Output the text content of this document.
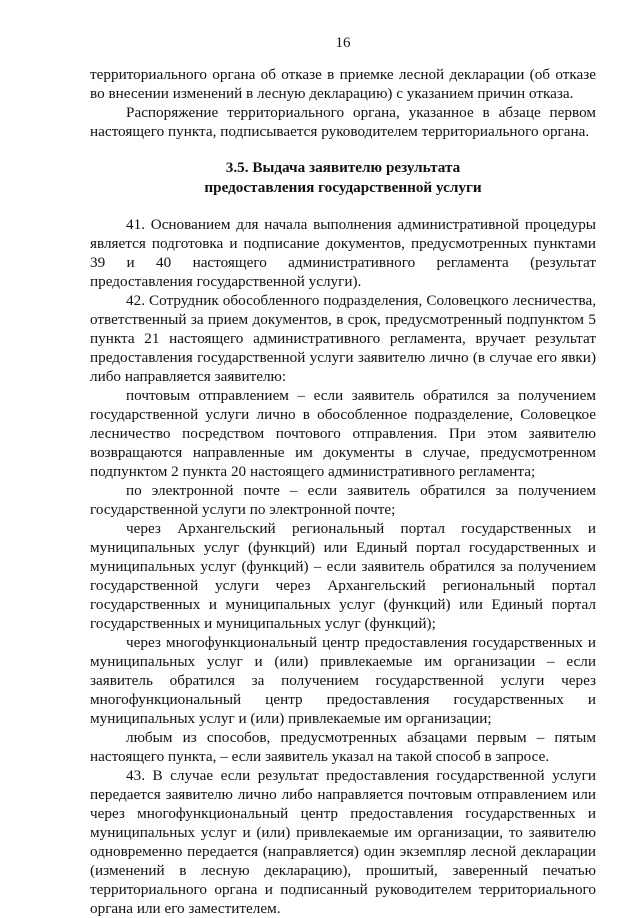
16

территориального органа об отказе в приемке лесной декларации (об отказе во внесении изменений в лесную декларацию) с указанием причин отказа.

Распоряжение территориального органа, указанное в абзаце первом настоящего пункта, подписывается руководителем территориального органа.

3.5. Выдача заявителю результата
предоставления государственной услуги

41. Основанием для начала выполнения административной процедуры является подготовка и подписание документов, предусмотренных пунктами 39 и 40 настоящего административного регламента (результат предоставления государственной услуги).

42. Сотрудник обособленного подразделения, Соловецкого лесничества, ответственный за прием документов, в срок, предусмотренный подпунктом 5 пункта 21 настоящего административного регламента, вручает результат предоставления государственной услуги заявителю лично (в случае его явки) либо направляется заявителю:

почтовым отправлением – если заявитель обратился за получением государственной услуги лично в обособленное подразделение, Соловецкое лесничество посредством почтового отправления. При этом заявителю возвращаются направленные им документы в случае, предусмотренном подпунктом 2 пункта 20 настоящего административного регламента;

по электронной почте – если заявитель обратился за получением государственной услуги по электронной почте;

через Архангельский региональный портал государственных и муниципальных услуг (функций) или Единый портал государственных и муниципальных услуг (функций) – если заявитель обратился за получением государственной услуги через Архангельский региональный портал государственных и муниципальных услуг (функций) или Единый портал государственных и муниципальных услуг (функций);

через многофункциональный центр предоставления государственных и муниципальных услуг и (или) привлекаемые им организации – если заявитель обратился за получением государственной услуги через многофункциональный центр предоставления государственных и муниципальных услуг и (или) привлекаемые им организации;

любым из способов, предусмотренных абзацами первым – пятым настоящего пункта, – если заявитель указал на такой способ в запросе.

43. В случае если результат предоставления государственной услуги передается заявителю лично либо направляется почтовым отправлением или через многофункциональный центр предоставления государственных и муниципальных услуг и (или) привлекаемые им организации, то заявителю одновременно передается (направляется) один экземпляр лесной декларации (изменений в лесную декларацию), прошитый, заверенный печатью территориального органа и подписанный руководителем территориального органа или его заместителем.
